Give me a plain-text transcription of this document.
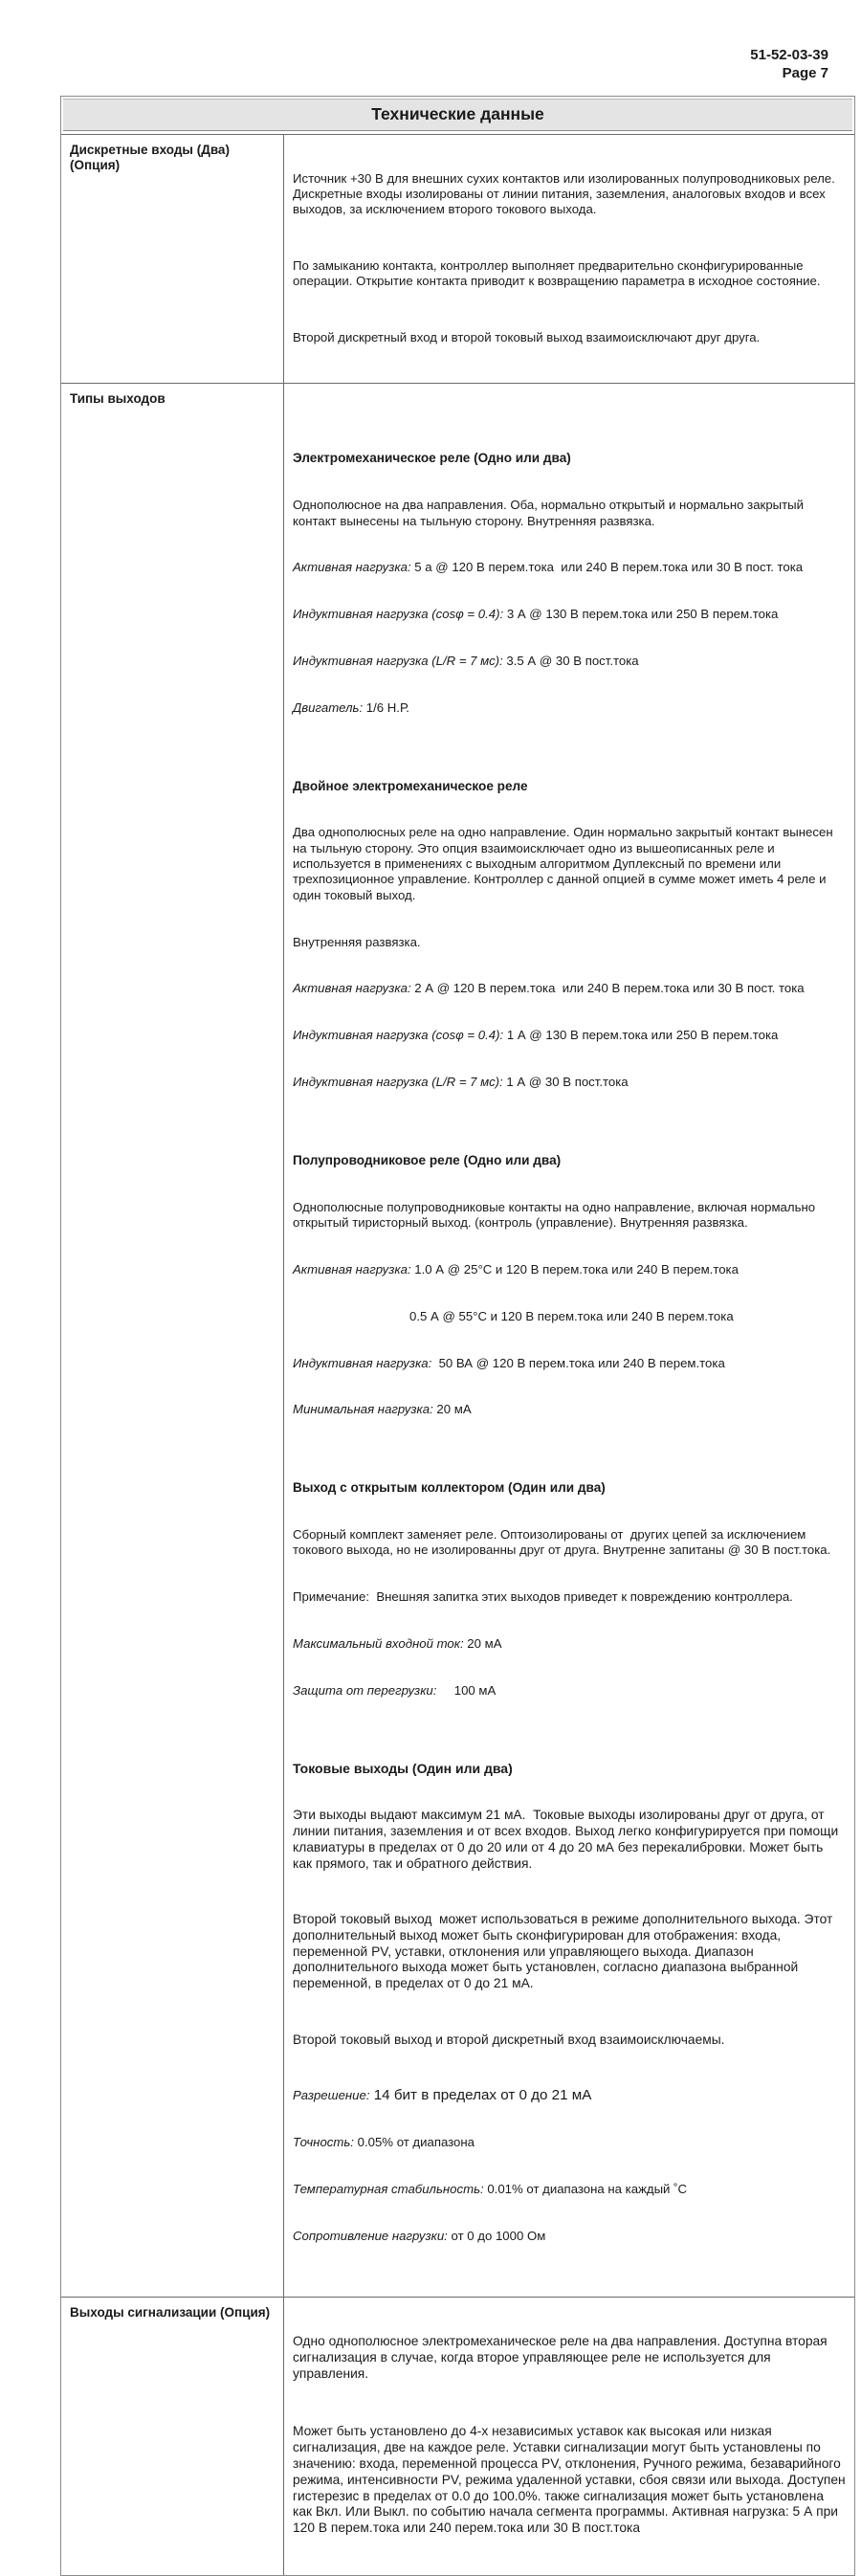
51-52-03-39
Page 7
Технические данные
Дискретные входы (Два) (Опция)

Источник +30 В для внешних сухих контактов или изолированных полупроводниковых реле. Дискретные входы изолированы от линии питания, заземления, аналоговых входов и всех выходов, за исключением второго токового выхода.

По замыканию контакта, контроллер выполняет предварительно сконфигурированные операции. Открытие контакта приводит к возвращению параметра в исходное состояние.

Второй дискретный вход и второй токовый выход взаимоисключают друг друга.

Типы выходов

Электромеханическое реле (Одно или два)

Однополюсное на два направления. Оба, нормально открытый и нормально закрытый контакт вынесены на тыльную сторону. Внутренняя развязка.

Активная нагрузка: 5 а @ 120 В перем.тока  или 240 В перем.тока или 30 В пост. тока

Индуктивная нагрузка (cosφ = 0.4): 3 А @ 130 В перем.тока или 250 В перем.тока

Индуктивная нагрузка (L/R = 7 мс): 3.5 А @ 30 В пост.тока

Двигатель: 1/6 Н.Р.

Двойное электромеханическое реле

Два однополюсных реле на одно направление. Один нормально закрытый контакт вынесен на тыльную сторону. Это опция взаимоисключает одно из вышеописанных реле и используется в применениях с выходным алгоритмом Дуплексный по времени или трехпозиционное управление. Контроллер с данной опцией в сумме может иметь 4 реле и один токовый выход.

Внутренняя развязка.

Активная нагрузка: 2 А @ 120 В перем.тока  или 240 В перем.тока или 30 В пост. тока

Индуктивная нагрузка (cosφ = 0.4): 1 А @ 130 В перем.тока или 250 В перем.тока

Индуктивная нагрузка (L/R = 7 мс): 1 А @ 30 В пост.тока

Полупроводниковое реле (Одно или два)

Однополюсные полупроводниковые контакты на одно направление, включая нормально открытый тиристорный выход. (контроль (управление). Внутренняя развязка.

Активная нагрузка: 1.0 А @ 25°С и 120 В перем.тока или 240 В перем.тока

0.5 А @ 55°С и 120 В перем.тока или 240 В перем.тока

Индуктивная нагрузка:  50 ВА @ 120 В перем.тока или 240 В перем.тока

Минимальная нагрузка: 20 мА

Выход с открытым коллектором (Один или два)

Сборный комплект заменяет реле. Оптоизолированы от  других цепей за исключением токового выхода, но не изолированны друг от друга. Внутренне запитаны @ 30 В пост.тока.

Примечание:  Внешняя запитка этих выходов приведет к повреждению контроллера.

Максимальный входной ток: 20 мА

Защита от перегрузки:     100 мА

Токовые выходы (Один или два)

Эти выходы выдают максимум 21 мА.  Токовые выходы изолированы друг от друга, от линии питания, заземления и от всех входов. Выход легко конфигурируется при помощи клавиатуры в пределах от 0 до 20 или от 4 до 20 мА без перекалибровки. Может быть как прямого, так и обратного действия.

Второй токовый выход  может использоваться в режиме дополнительного выхода. Этот дополнительный выход может быть сконфигурирован для отображения: входа, переменной PV, уставки, отклонения или управляющего выхода. Диапазон дополнительного выхода может быть установлен, согласно диапазона выбранной переменной, в пределах от 0 до 21 мА.

Второй токовый выход и второй дискретный вход взаимоисключаемы.

Разрешение: 14 бит в пределах от 0 до 21 мА

Точность: 0.05% от диапазона

Температурная стабильность: 0.01% от диапазона на каждый ˚С

Сопротивление нагрузки: от 0 до 1000 Ом

Выходы сигнализации (Опция)

Одно однополюсное электромеханическое реле на два направления. Доступна вторая сигнализация в случае, когда второе управляющее реле не используется для управления.

Может быть установлено до 4-х независимых уставок как высокая или низкая сигнализация, две на каждое реле. Уставки сигнализации могут быть установлены по значению: входа, переменной процесса PV, отклонения, Ручного режима, безаварийного режима, интенсивности PV, режима удаленной уставки, сбоя связи или выхода. Доступен гистерезис в пределах от 0.0 до 100.0%. также сигнализация может быть установлена как Вкл. Или Выкл. по событию начала сегмента программы. Активная нагрузка: 5 А при 120 В перем.тока или 240 перем.тока или 30 В пост.тока
